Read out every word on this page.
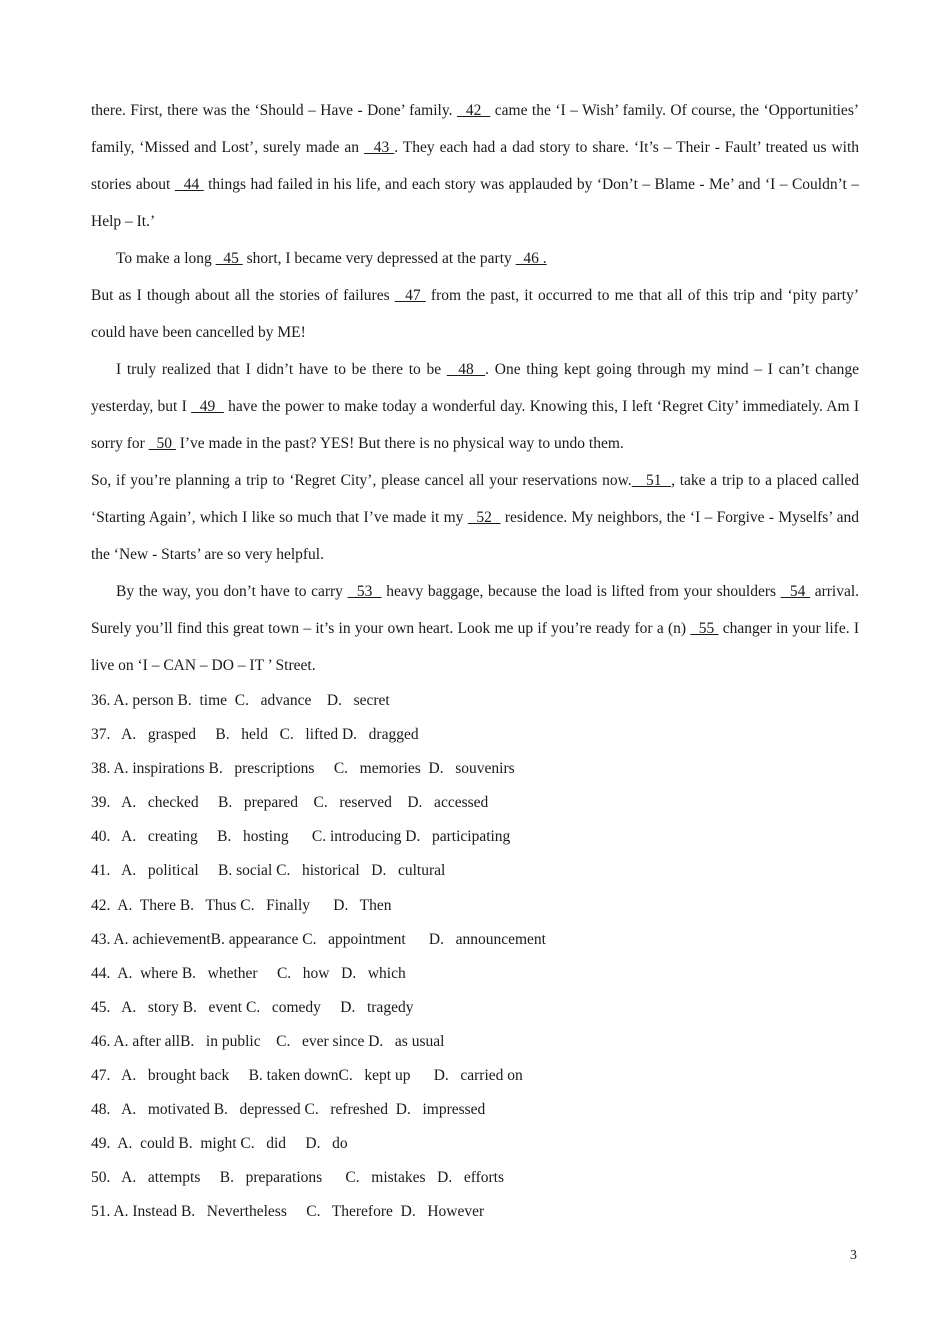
there. First, there was the ‘Should – Have - Done’ family.   42   came the ‘I – Wish’ family. Of course, the ‘Opportunities’ family, ‘Missed and Lost’, surely made an   43 . They each had a dad story to share. ‘It’s – Their - Fault’ treated us with stories about   44  things had failed in his life, and each story was applauded by ‘Don’t – Blame - Me’ and ‘I – Couldn’t – Help – It.’

To make a long   45  short, I became very depressed at the party   46 .

But as I though about all the stories of failures   47  from the past, it occurred to me that all of this trip and ‘pity party’ could have been cancelled by ME!

I truly realized that I didn’t have to be there to be   48  . One thing kept going through my mind – I can’t change yesterday, but I   49   have the power to make today a wonderful day. Knowing this, I left ‘Regret City’ immediately. Am I sorry for   50  I’ve made in the past? YES! But there is no physical way to undo them.

So, if you’re planning a trip to ‘Regret City’, please cancel all your reservations now.   51  , take a trip to a placed called ‘Starting Again’, which I like so much that I’ve made it my   52   residence. My neighbors, the ‘I – Forgive - Myselfs’ and the ‘New - Starts’ are so very helpful.

By the way, you don’t have to carry   53   heavy baggage, because the load is lifted from your shoulders   54  arrival. Surely you’ll find this great town – it’s in your own heart. Look me up if you’re ready for a (n)   55  changer in your life. I live on ‘I – CAN – DO – IT ’ Street.

36. A. person B.  time  C.   advance    D.   secret
37.   A.   grasped     B.   held   C.   lifted D.   dragged
38. A. inspirations B.   prescriptions     C.   memories  D.   souvenirs
39.   A.   checked     B.   prepared    C.   reserved    D.   accessed
40.   A.   creating     B.   hosting      C. introducing D.   participating
41.   A.   political     B. social C.   historical   D.   cultural
42.  A.  There B.   Thus C.   Finally      D.   Then
43. A. achievementB. appearance C.   appointment      D.   announcement
44.  A.  where B.   whether     C.   how   D.   which
45.   A.   story B.   event C.   comedy     D.   tragedy
46. A. after allB.   in public    C.   ever since D.   as usual
47.   A.   brought back     B. taken downC.   kept up      D.   carried on
48.   A.   motivated B.   depressed C.   refreshed  D.   impressed
49.  A.  could B.  might C.   did     D.   do
50.   A.   attempts     B.   preparations      C.   mistakes   D.   efforts
51. A. Instead B.   Nevertheless     C.   Therefore  D.   However
3
